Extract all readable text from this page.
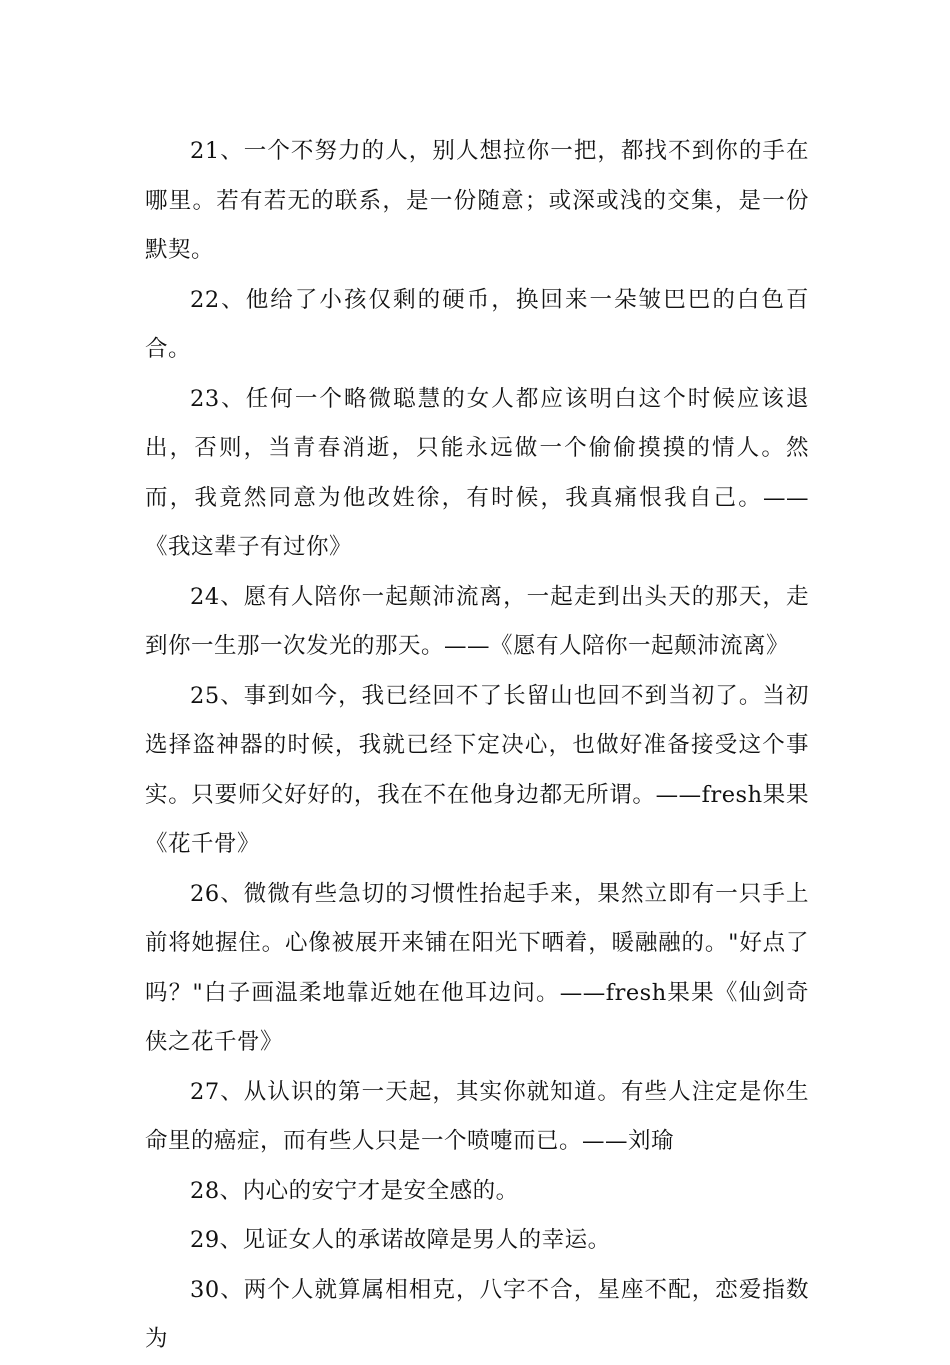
21、一个不努力的人，别人想拉你一把，都找不到你的手在哪里。若有若无的联系，是一份随意；或深或浅的交集，是一份默契。

22、他给了小孩仅剩的硬币，换回来一朵皱巴巴的白色百合。

23、任何一个略微聪慧的女人都应该明白这个时候应该退出，否则，当青春消逝，只能永远做一个偷偷摸摸的情人。然而，我竟然同意为他改姓徐，有时候，我真痛恨我自己。——《我这辈子有过你》

24、愿有人陪你一起颠沛流离，一起走到出头天的那天，走到你一生那一次发光的那天。——《愿有人陪你一起颠沛流离》

25、事到如今，我已经回不了长留山也回不到当初了。当初选择盗神器的时候，我就已经下定决心，也做好准备接受这个事实。只要师父好好的，我在不在他身边都无所谓。——fresh果果《花千骨》

26、微微有些急切的习惯性抬起手来，果然立即有一只手上前将她握住。心像被展开来铺在阳光下晒着，暖融融的。"好点了吗？"白子画温柔地靠近她在他耳边问。——fresh果果《仙剑奇侠之花千骨》

27、从认识的第一天起，其实你就知道。有些人注定是你生命里的癌症，而有些人只是一个喷嚏而已。——刘瑜

28、内心的安宁才是安全感的。

29、见证女人的承诺故障是男人的幸运。

30、两个人就算属相相克，八字不合，星座不配，恋爱指数为
